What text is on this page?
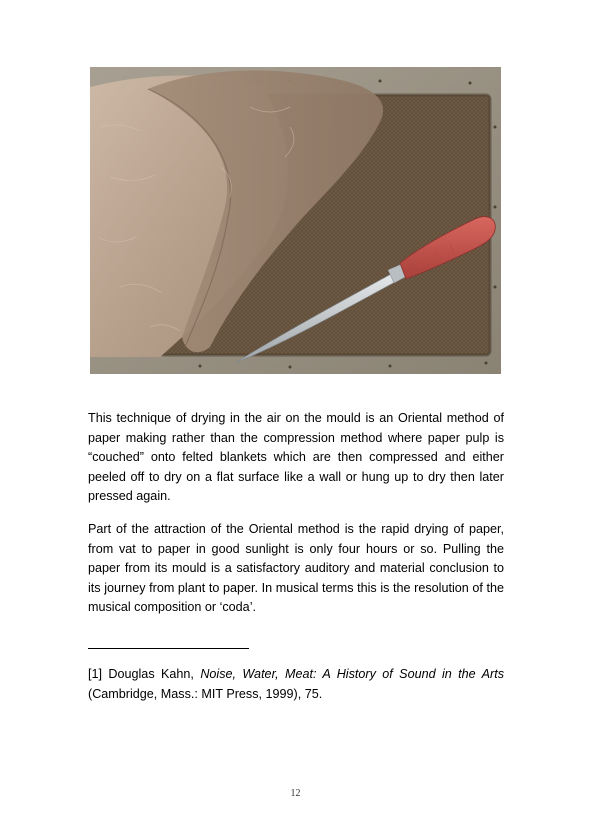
This technique of drying in the air on the mould is an Oriental method of paper making rather than the compression method where paper pulp is “couched” onto felted blankets which are then compressed and either peeled off to dry on a flat surface like a wall or hung up to dry then later pressed again.

Part of the attraction of the Oriental method is the rapid drying of paper, from vat to paper in good sunlight is only four hours or so. Pulling the paper from its mould is a satisfactory auditory and material conclusion to its journey from plant to paper. In musical terms this is the resolution of the musical composition or ‘coda’.

[1] Douglas Kahn, Noise, Water, Meat: A History of Sound in the Arts (Cambridge, Mass.: MIT Press, 1999), 75.

12
